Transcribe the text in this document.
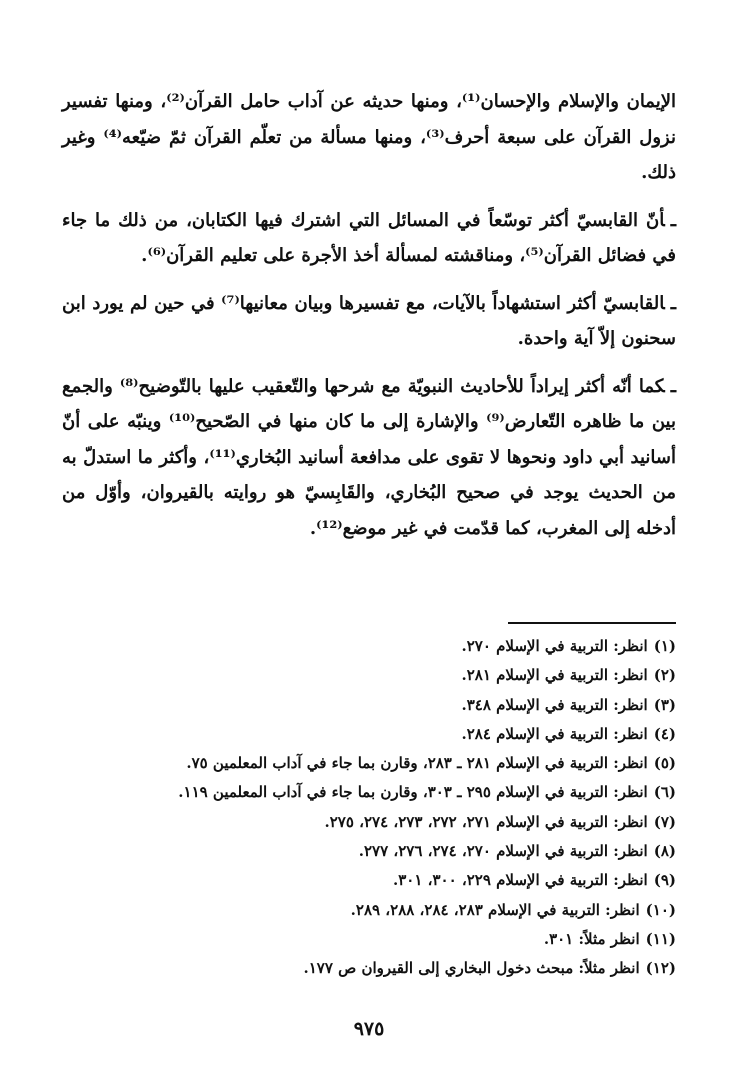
الإيمان والإسلام والإحسان⁽¹⁾، ومنها حديثه عن آداب حامل القرآن⁽²⁾، ومنها تفسير نزول القرآن على سبعة أحرف⁽³⁾، ومنها مسألة من تعلّم القرآن ثمّ ضيّعه⁽⁴⁾ وغير ذلك.

ـأنّ القابسيّ أكثر توسّعاً في المسائل التي اشترك فيها الكتابان، من ذلك ما جاء في فضائل القرآن⁽⁵⁾، ومناقشته لمسألة أخذ الأجرة على تعليم القرآن⁽⁶⁾.

ـالقابسيّ أكثر استشهاداً بالآيات، مع تفسيرها وبيان معانيها⁽⁷⁾ في حين لم يورد ابن سحنون إلاّ آية واحدة.

ـكما أنّه أكثر إيراداً للأحاديث النبويّة مع شرحها والتّعقيب عليها بالتّوضيح⁽⁸⁾ والجمع بين ما ظاهره التّعارض⁽⁹⁾ والإشارة إلى ما كان منها في الصّحيح⁽¹⁰⁾ وينبّه على أنّ أسانيد أبي داود ونحوها لا تقوى على مدافعة أسانيد البُخاري⁽¹¹⁾، وأكثر ما استدلّ به من الحديث يوجد في صحيح البُخاري، والقَابِسيّ هو روايته بالقيروان، وأوّل من أدخله إلى المغرب، كما قدّمت في غير موضع⁽¹²⁾.

(١)انظر: التربية في الإسلام ٢٧٠.
(٢)انظر: التربية في الإسلام ٢٨١.
(٣)انظر: التربية في الإسلام ٣٤٨.
(٤)انظر: التربية في الإسلام ٢٨٤.
(٥)انظر: التربية في الإسلام ٢٨١ ـ ٢٨٣، وقارن بما جاء في آداب المعلمين ٧٥.
(٦)انظر: التربية في الإسلام ٢٩٥ ـ ٣٠٣، وقارن بما جاء في آداب المعلمين ١١٩.
(٧)انظر: التربية في الإسلام ٢٧١، ٢٧٢، ٢٧٣، ٢٧٤، ٢٧٥.
(٨)انظر: التربية في الإسلام ٢٧٠، ٢٧٤، ٢٧٦، ٢٧٧.
(٩)انظر: التربية في الإسلام ٢٢٩، ٣٠٠، ٣٠١.
(١٠)انظر: التربية في الإسلام ٢٨٣، ٢٨٤، ٢٨٨، ٢٨٩.
(١١)انظر مثلاً: ٣٠١.
(١٢)انظر مثلاً: مبحث دخول البخاري إلى القيروان ص ١٧٧.
٩٧٥
